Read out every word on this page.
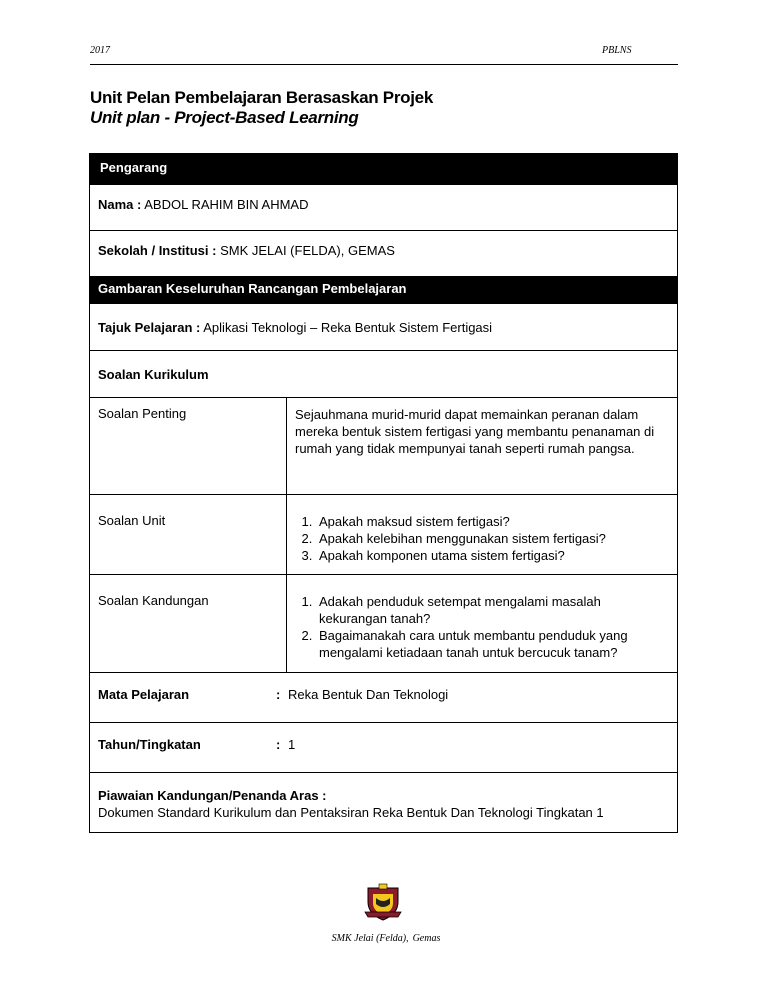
2017	PBLNS
Unit Pelan Pembelajaran Berasaskan Projek
Unit plan - Project-Based Learning
Pengarang
Nama : ABDOL RAHIM BIN AHMAD
Sekolah / Institusi : SMK JELAI (FELDA), GEMAS
Gambaran Keseluruhan Rancangan Pembelajaran
Tajuk Pelajaran : Aplikasi Teknologi – Reka Bentuk Sistem Fertigasi
Soalan Kurikulum
Soalan Penting	Sejauhmana murid-murid dapat memainkan peranan dalam mereka bentuk sistem fertigasi yang membantu penanaman di rumah yang tidak mempunyai tanah seperti rumah pangsa.
Soalan Unit	1. Apakah maksud sistem fertigasi?
2. Apakah kelebihan menggunakan sistem fertigasi?
3. Apakah komponen utama sistem fertigasi?
Soalan Kandungan	1. Adakah penduduk setempat mengalami masalah kekurangan tanah?
2. Bagaimanakah cara untuk membantu penduduk yang mengalami ketiadaan tanah untuk bercucuk tanam?
Mata Pelajaran	: Reka Bentuk Dan Teknologi
Tahun/Tingkatan	: 1
Piawaian Kandungan/Penanda Aras :
Dokumen Standard Kurikulum dan Pentaksiran Reka Bentuk Dan Teknologi Tingkatan 1
SMK Jelai (Felda), Gemas
